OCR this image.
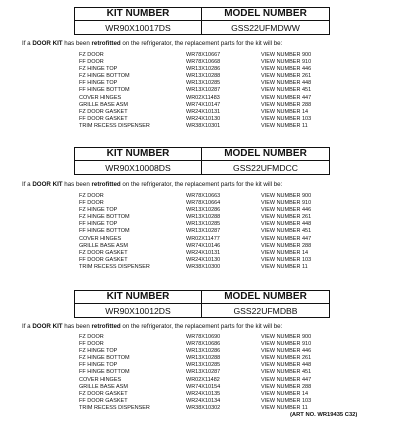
KIT NUMBER	MODEL NUMBER
WR90X10017DS	GSS22UFMDWW
If a DOOR KIT has been retrofitted on the refrigerator, the replacement parts for the kit will be:
FZ DOOR	WR78X10667	VIEW NUMBER 900
FF DOOR	WR78X10668	VIEW NUMBER 910
FZ HINGE TOP	WR13X10286	VIEW NUMBER 446
FZ HINGE BOTTOM	WR13X10288	VIEW NUMBER 261
FF HINGE TOP	WR13X10285	VIEW NUMBER 448
FF HINGE BOTTOM	WR13X10287	VIEW NUMBER 451
COVER HINGES	WR02X11483	VIEW NUMBER 447
GRILLE BASE ASM	WR74X10147	VIEW NUMBER 288
FZ DOOR GASKET	WR24X10131	VIEW NUMBER 14
FF DOOR GASKET	WR24X10130	VIEW NUMBER 103
TRIM RECESS DISPENSER	WR38X10301	VIEW NUMBER 11
KIT NUMBER	MODEL NUMBER
WR90X10008DS	GSS22UFMDCC
If a DOOR KIT has been retrofitted on the refrigerator, the replacement parts for the kit will be:
FZ DOOR	WR78X10663	VIEW NUMBER 900
FF DOOR	WR78X10664	VIEW NUMBER 910
FZ HINGE TOP	WR13X10286	VIEW NUMBER 446
FZ HINGE BOTTOM	WR13X10288	VIEW NUMBER 261
FF HINGE TOP	WR13X10285	VIEW NUMBER 448
FF HINGE BOTTOM	WR13X10287	VIEW NUMBER 451
COVER HINGES	WR02X11477	VIEW NUMBER 447
GRILLE BASE ASM	WR74X10146	VIEW NUMBER 288
FZ DOOR GASKET	WR24X10131	VIEW NUMBER 14
FF DOOR GASKET	WR24X10130	VIEW NUMBER 103
TRIM RECESS DISPENSER	WR38X10300	VIEW NUMBER 11
KIT NUMBER	MODEL NUMBER
WR90X10012DS	GSS22UFMDBB
If a DOOR KIT has been retrofitted on the refrigerator, the replacement parts for the kit will be:
FZ DOOR	WR78X10690	VIEW NUMBER 900
FF DOOR	WR78X10686	VIEW NUMBER 910
FZ HINGE TOP	WR13X10286	VIEW NUMBER 446
FZ HINGE BOTTOM	WR13X10288	VIEW NUMBER 261
FF HINGE TOP	WR13X10285	VIEW NUMBER 448
FF HINGE BOTTOM	WR13X10287	VIEW NUMBER 451
COVER HINGES	WR02X11482	VIEW NUMBER 447
GRILLE BASE ASM	WR74X10154	VIEW NUMBER 288
FZ DOOR GASKET	WR24X10135	VIEW NUMBER 14
FF DOOR GASKET	WR24X10134	VIEW NUMBER 103
TRIM RECESS DISPENSER	WR38X10302	VIEW NUMBER 11
(ART NO. WR19435 C32)
